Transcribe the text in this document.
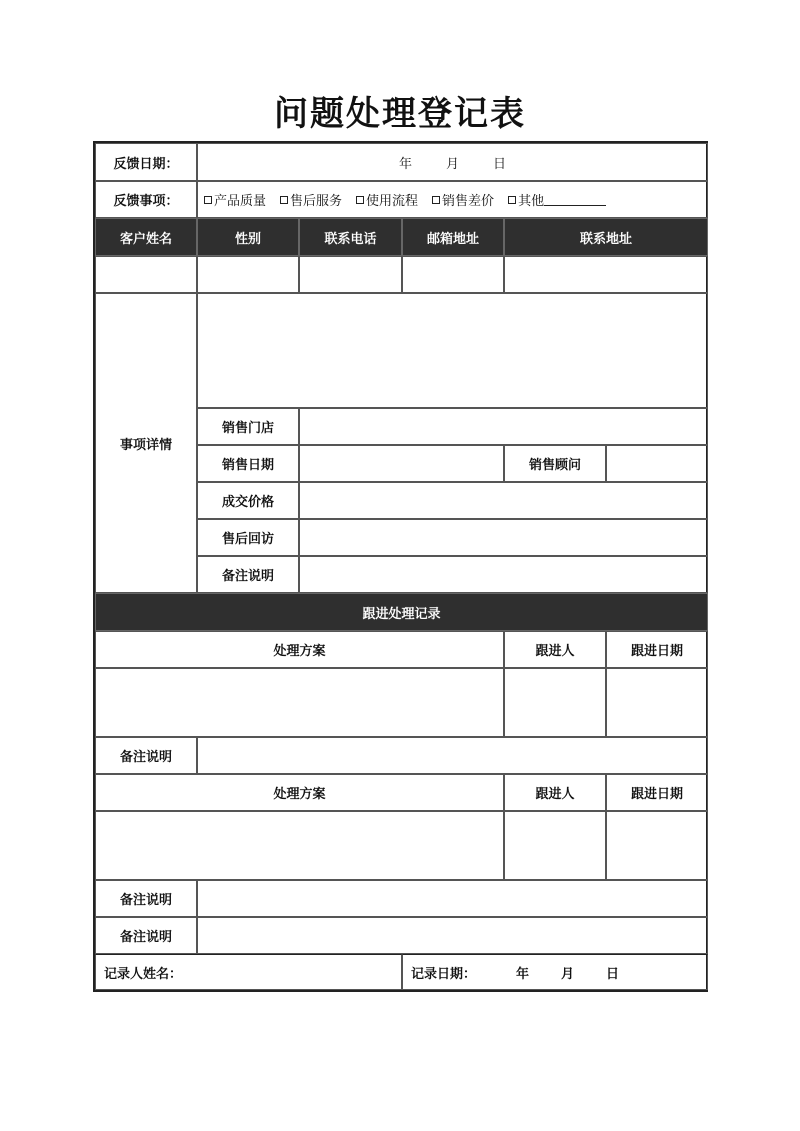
问题处理登记表
反馈日期：	年	月	日
反馈事项：	产品质量 售后服务 使用流程 销售差价 其他
客户姓名	性别	联系电话	邮箱地址	联系地址
事项详情
销售门店
销售日期	销售顾问
成交价格
售后回访
备注说明
跟进处理记录
处理方案	跟进人	跟进日期
备注说明
处理方案	跟进人	跟进日期
备注说明
备注说明
记录人姓名：	记录日期：	年 月 日
